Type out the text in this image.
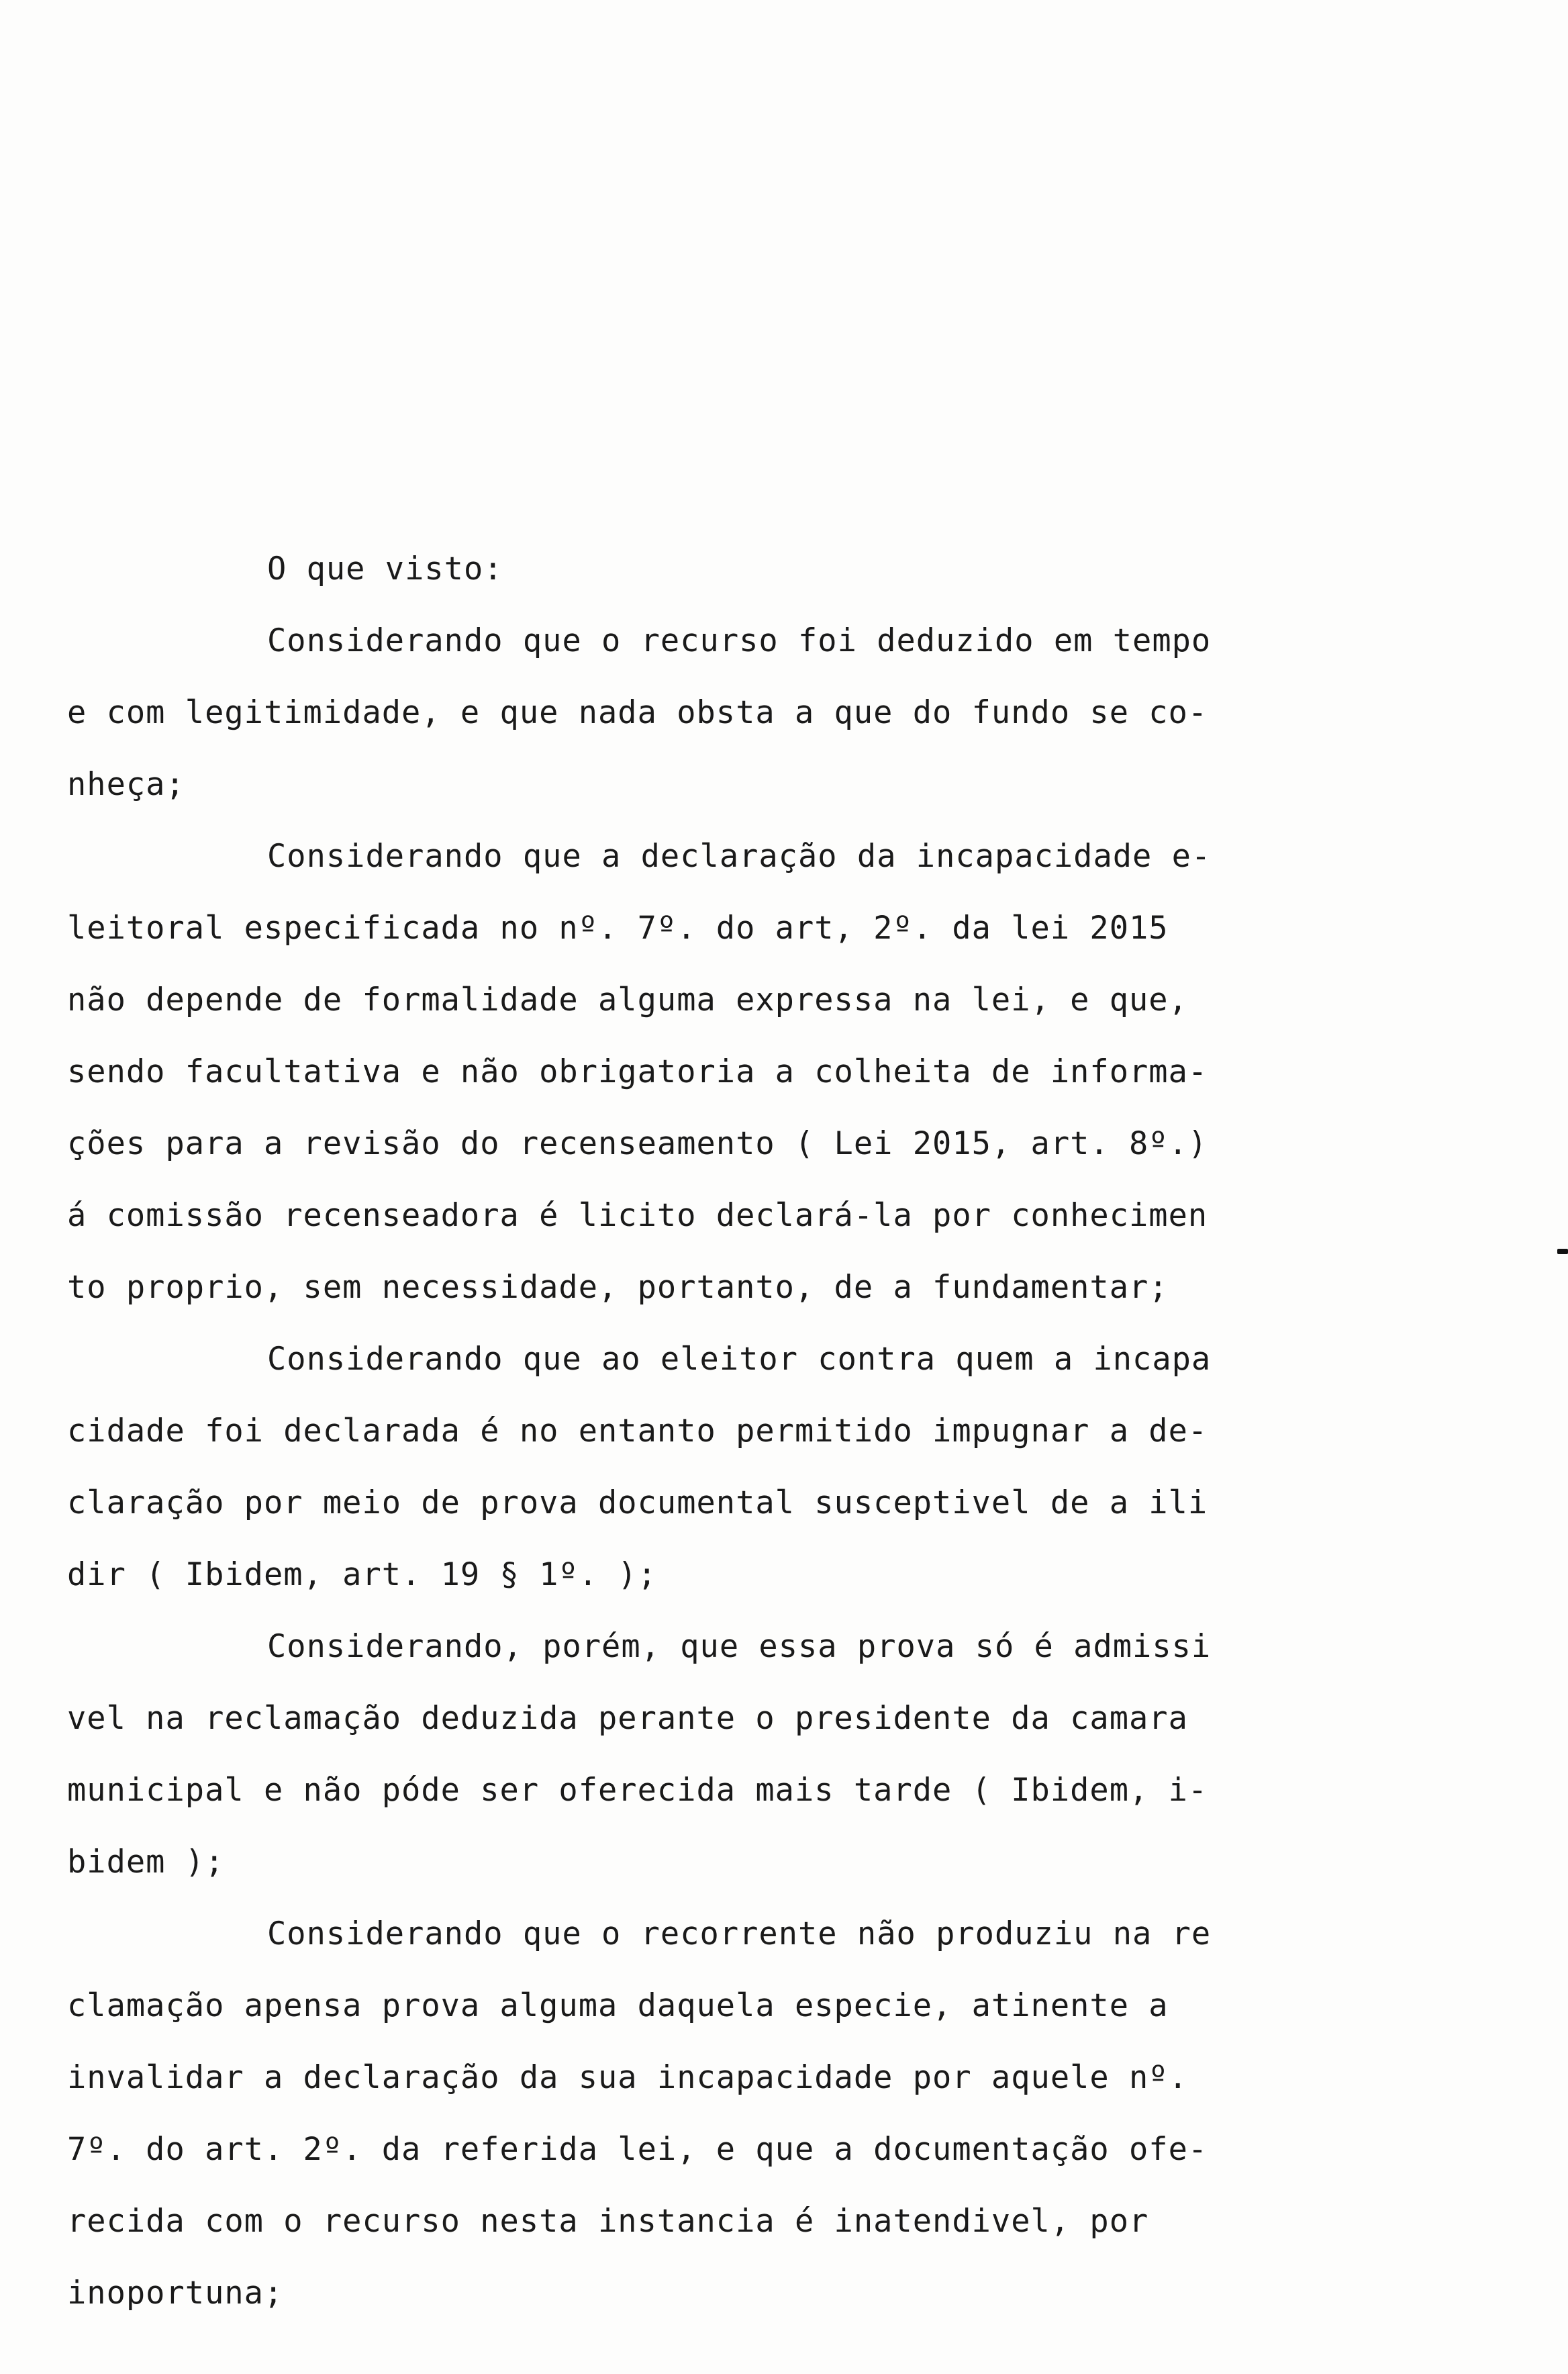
O que visto:
Considerando que o recurso foi deduzido em tempo
e com legitimidade, e que nada obsta a que do fundo se co-
nheça;
Considerando que a declaração da incapacidade e-
leitoral especificada no nº. 7º. do art, 2º. da lei 2015
não depende de formalidade alguma expressa na lei, e que,
sendo facultativa e não obrigatoria a colheita de informa-
ções para a revisão do recenseamento ( Lei 2015, art. 8º.)
á comissão recenseadora é licito declará-la por conhecimen
to proprio, sem necessidade, portanto, de a fundamentar;
Considerando que ao eleitor contra quem a incapa
cidade foi declarada é no entanto permitido impugnar a de-
claração por meio de prova documental susceptivel de a ili
dir ( Ibidem, art. 19 § 1º. );
Considerando, porém, que essa prova só é admissi
vel na reclamação deduzida perante o presidente da camara
municipal e não póde ser oferecida mais tarde ( Ibidem, i-
bidem );
Considerando que o recorrente não produziu na re
clamação apensa prova alguma daquela especie, atinente a
invalidar a declaração da sua incapacidade por aquele nº.
7º. do art. 2º. da referida lei, e que a documentação ofe-
recida com o recurso nesta instancia é inatendivel, por
inoportuna;
